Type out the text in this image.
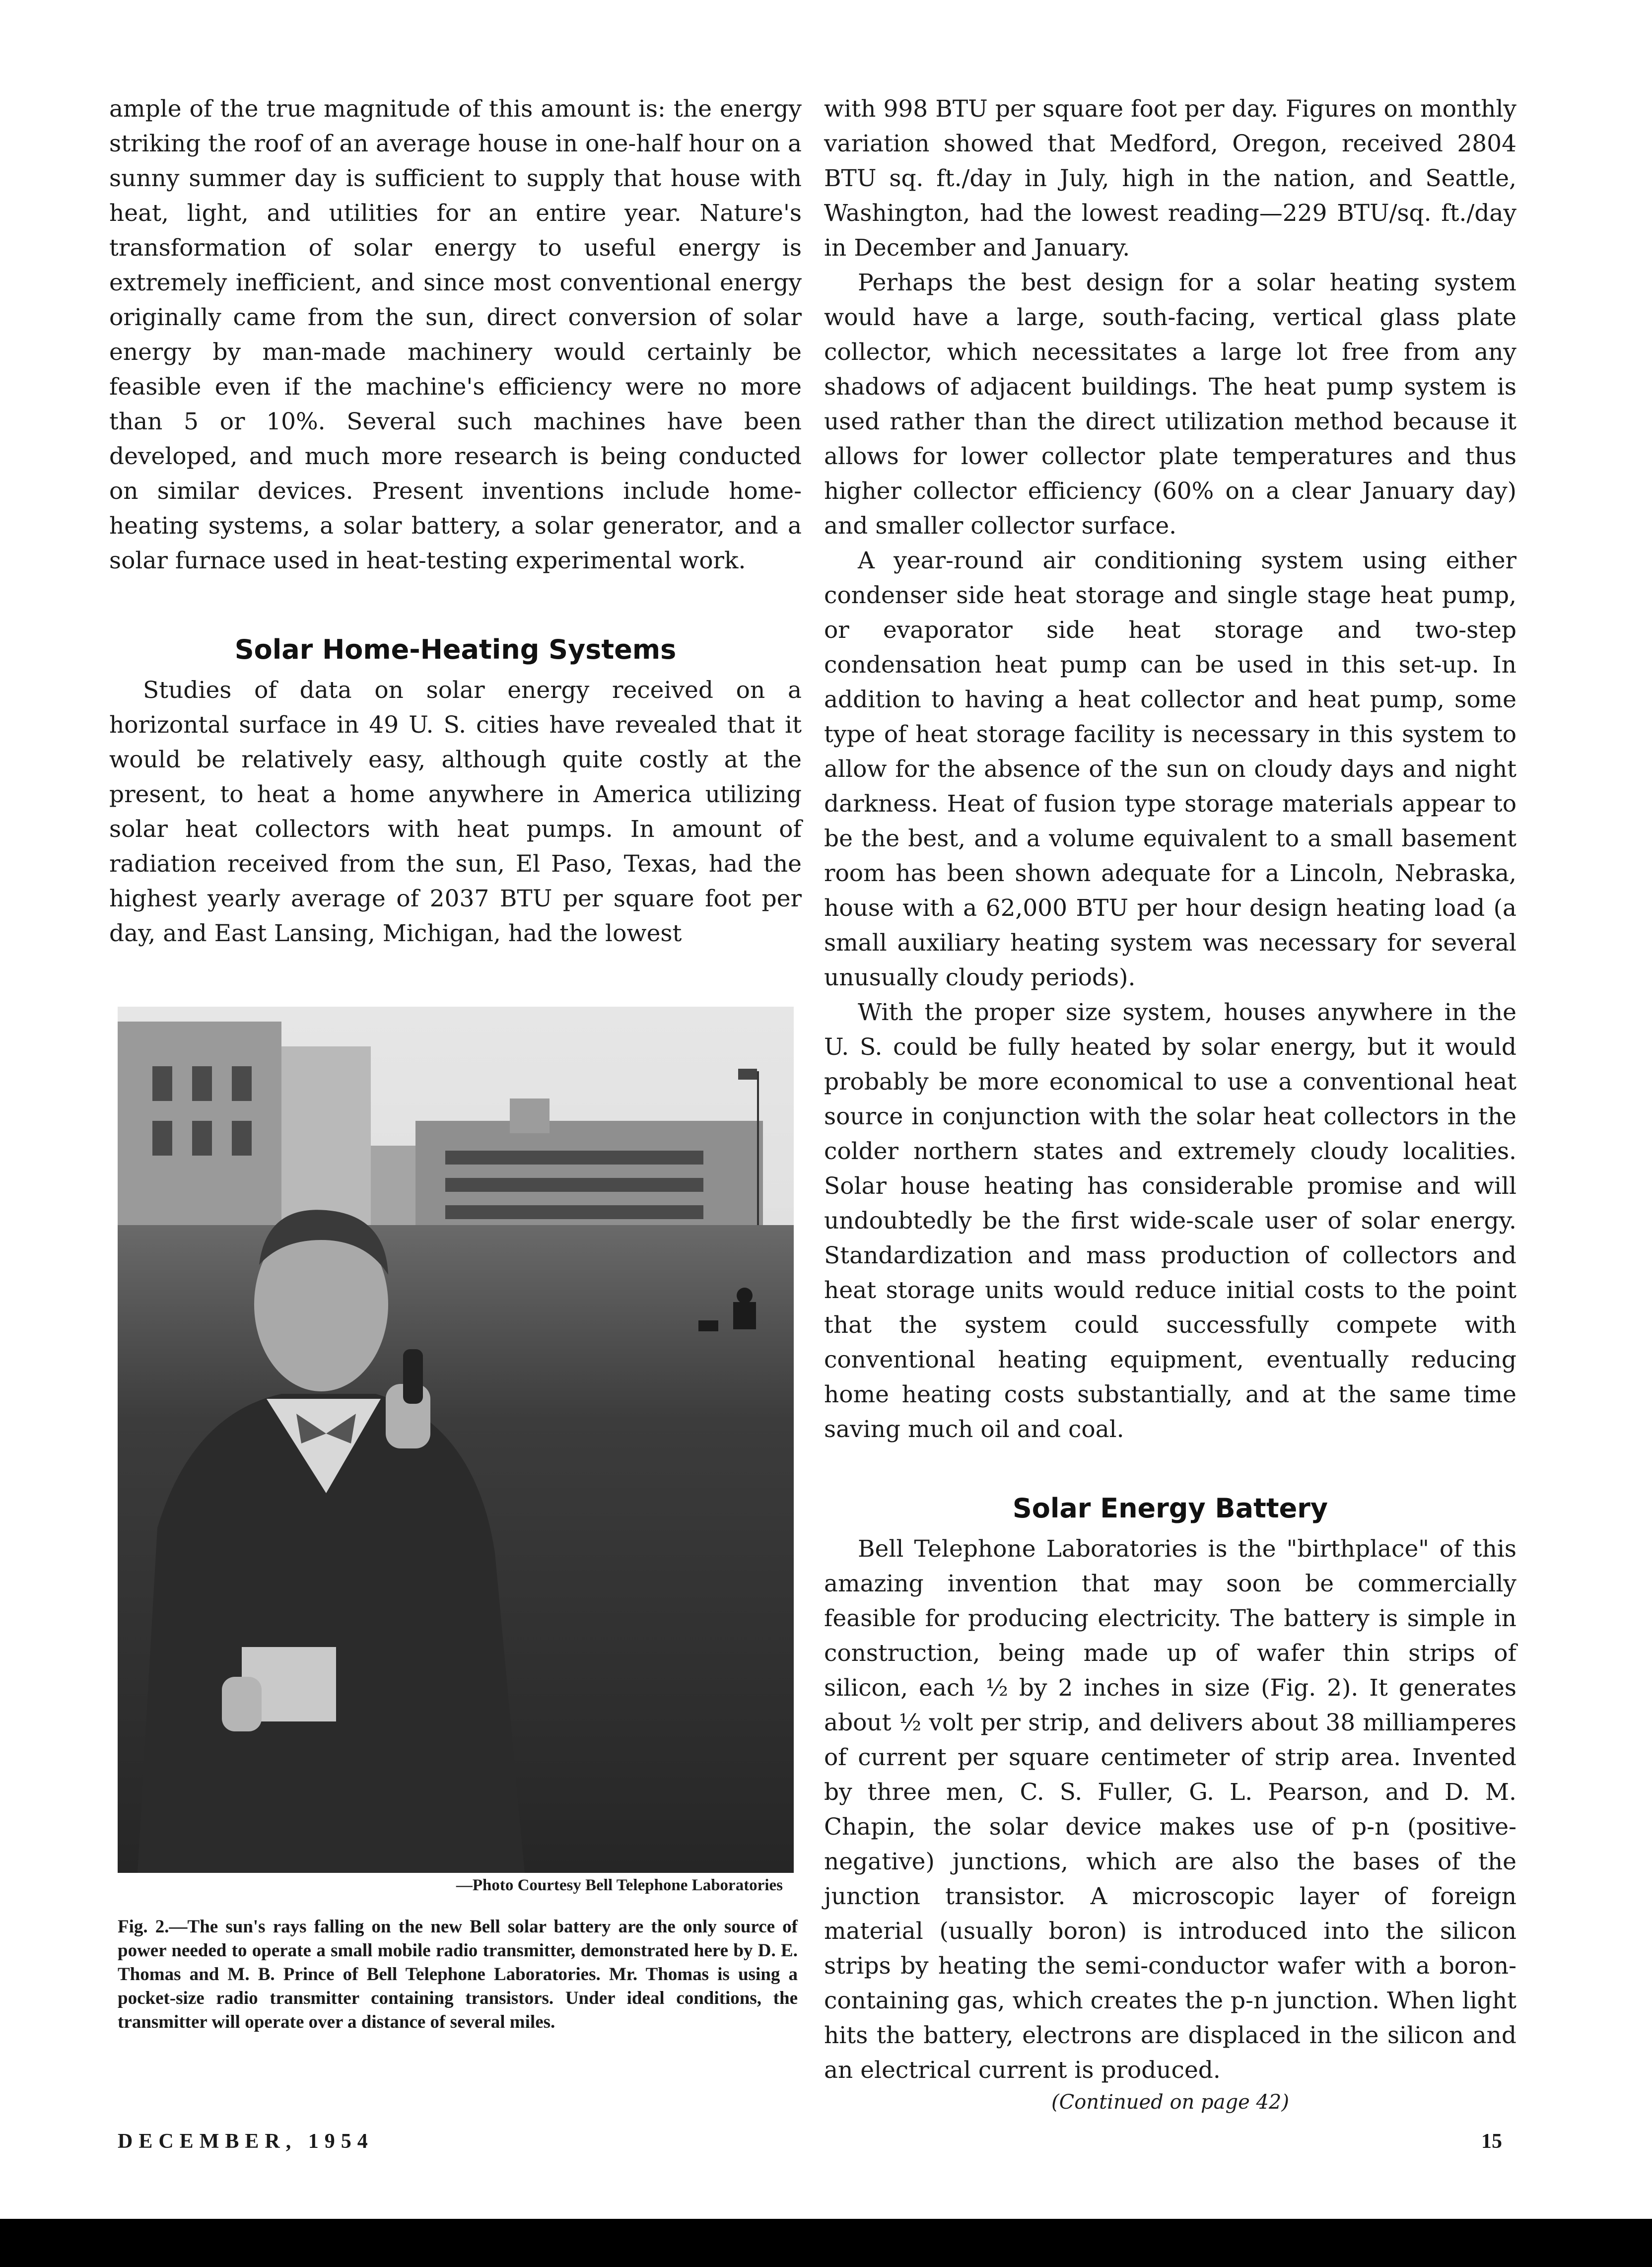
ample of the true magnitude of this amount is: the energy striking the roof of an average house in one-half hour on a sunny summer day is sufficient to supply that house with heat, light, and utilities for an entire year. Nature's transformation of solar energy to useful energy is extremely inefficient, and since most conventional energy originally came from the sun, direct conversion of solar energy by man-made machinery would certainly be feasible even if the machine's efficiency were no more than 5 or 10%. Several such machines have been developed, and much more research is being conducted on similar devices. Present inventions include home-heating systems, a solar battery, a solar generator, and a solar furnace used in heat-testing experimental work.

Solar Home-Heating Systems

Studies of data on solar energy received on a horizontal surface in 49 U. S. cities have revealed that it would be relatively easy, although quite costly at the present, to heat a home anywhere in America utilizing solar heat collectors with heat pumps. In amount of radiation received from the sun, El Paso, Texas, had the highest yearly average of 2037 BTU per square foot per day, and East Lansing, Michigan, had the lowest

—Photo Courtesy Bell Telephone Laboratories
Fig. 2.—The sun's rays falling on the new Bell solar battery are the only source of power needed to operate a small mobile radio transmitter, demonstrated here by D. E. Thomas and M. B. Prince of Bell Telephone Laboratories. Mr. Thomas is using a pocket-size radio transmitter containing transistors. Under ideal conditions, the transmitter will operate over a distance of several miles.

with 998 BTU per square foot per day. Figures on monthly variation showed that Medford, Oregon, received 2804 BTU sq. ft./day in July, high in the nation, and Seattle, Washington, had the lowest reading—229 BTU/sq. ft./day in December and January.

Perhaps the best design for a solar heating system would have a large, south-facing, vertical glass plate collector, which necessitates a large lot free from any shadows of adjacent buildings. The heat pump system is used rather than the direct utilization method because it allows for lower collector plate temperatures and thus higher collector efficiency (60% on a clear January day) and smaller collector surface.

A year-round air conditioning system using either condenser side heat storage and single stage heat pump, or evaporator side heat storage and two-step condensation heat pump can be used in this set-up. In addition to having a heat collector and heat pump, some type of heat storage facility is necessary in this system to allow for the absence of the sun on cloudy days and night darkness. Heat of fusion type storage materials appear to be the best, and a volume equivalent to a small basement room has been shown adequate for a Lincoln, Nebraska, house with a 62,000 BTU per hour design heating load (a small auxiliary heating system was necessary for several unusually cloudy periods).

With the proper size system, houses anywhere in the U. S. could be fully heated by solar energy, but it would probably be more economical to use a conventional heat source in conjunction with the solar heat collectors in the colder northern states and extremely cloudy localities. Solar house heating has considerable promise and will undoubtedly be the first wide-scale user of solar energy. Standardization and mass production of collectors and heat storage units would reduce initial costs to the point that the system could successfully compete with conventional heating equipment, eventually reducing home heating costs substantially, and at the same time saving much oil and coal.

Solar Energy Battery

Bell Telephone Laboratories is the "birthplace" of this amazing invention that may soon be commercially feasible for producing electricity. The battery is simple in construction, being made up of wafer thin strips of silicon, each ½ by 2 inches in size (Fig. 2). It generates about ½ volt per strip, and delivers about 38 milliamperes of current per square centimeter of strip area. Invented by three men, C. S. Fuller, G. L. Pearson, and D. M. Chapin, the solar device makes use of p-n (positive-negative) junctions, which are also the bases of the junction transistor. A microscopic layer of foreign material (usually boron) is introduced into the silicon strips by heating the semi-conductor wafer with a boron-containing gas, which creates the p-n junction. When light hits the battery, electrons are displaced in the silicon and an electrical current is produced.

(Continued on page 42)
DECEMBER, 1954	15
